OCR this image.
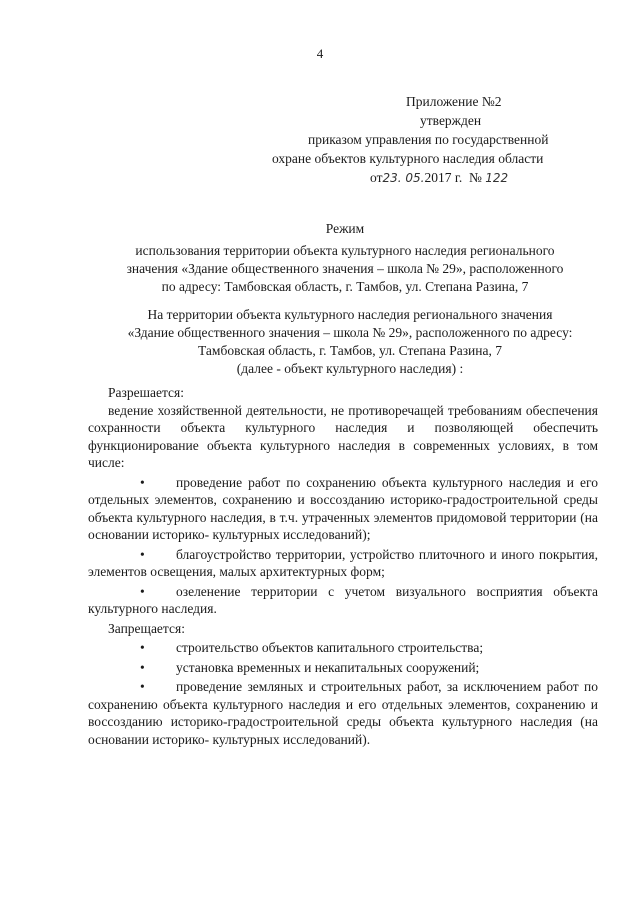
4
Приложение №2
утвержден
приказом управления по государственной
охране объектов культурного наследия области
от23. 05.2017 г. № 122
Режим
использования территории объекта культурного наследия регионального
значения «Здание общественного значения – школа № 29», расположенного
по адресу: Тамбовская область, г. Тамбов, ул. Степана Разина, 7
На территории объекта культурного наследия регионального значения
«Здание общественного значения – школа № 29», расположенного по адресу:
Тамбовская область, г. Тамбов, ул. Степана Разина, 7
(далее - объект культурного наследия) :

Разрешается:

ведение хозяйственной деятельности, не противоречащей требованиям обеспечения сохранности объекта культурного наследия и позволяющей обеспечить функционирование объекта культурного наследия в современных условиях, в том числе:

• проведение работ по сохранению объекта культурного наследия и его отдельных элементов, сохранению и воссозданию историко-градостроительной среды объекта культурного наследия, в т.ч. утраченных элементов придомовой территории (на основании историко- культурных исследований);

• благоустройство территории, устройство плиточного и иного покрытия, элементов освещения, малых архитектурных форм;

• озеленение территории с учетом визуального восприятия объекта культурного наследия.

Запрещается:

• строительство объектов капитального строительства;

• установка временных и некапитальных сооружений;

• проведение земляных и строительных работ, за исключением работ по сохранению объекта культурного наследия и его отдельных элементов, сохранению и воссозданию историко-градостроительной среды объекта культурного наследия (на основании историко- культурных исследований).
